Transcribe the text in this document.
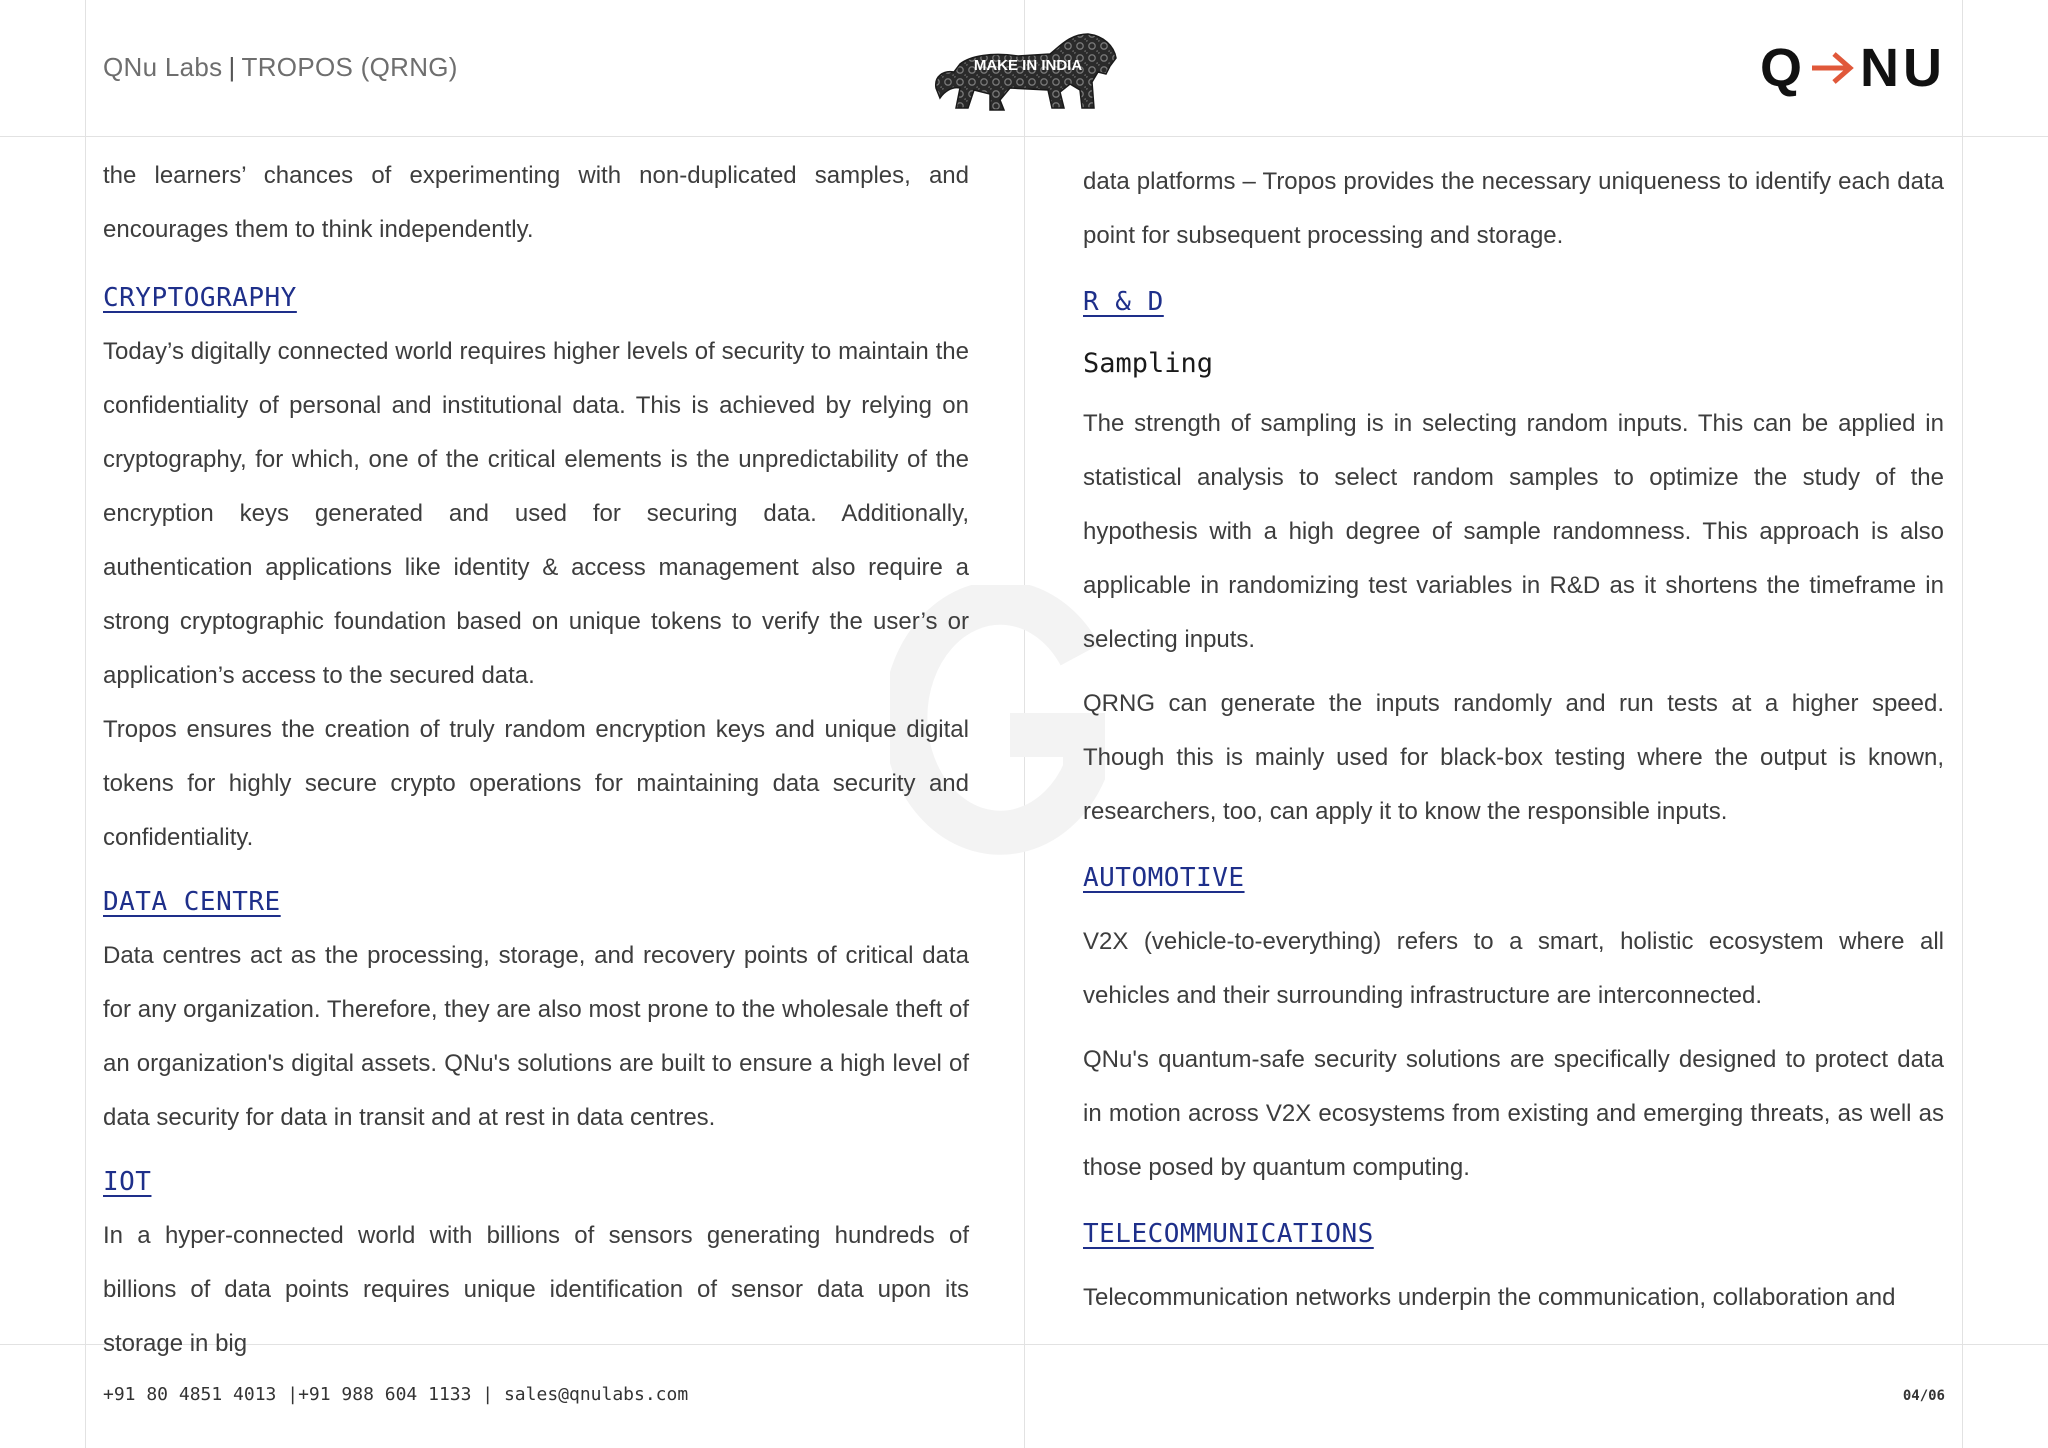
QNu Labs | TROPOS (QRNG)	MAKE IN INDIA	Q NU

the learners’ chances of experimenting with non-duplicated samples, and encourages them to think independently.

CRYPTOGRAPHY

Today’s digitally connected world requires higher levels of security to maintain the confidentiality of personal and institutional data. This is achieved by relying on cryptography, for which, one of the critical elements is the unpredictability of the encryption keys generated and used for securing data. Additionally, authentication applications like identity & access management also require a strong cryptographic foundation based on unique tokens to verify the user’s or application’s access to the secured data.

Tropos ensures the creation of truly random encryption keys and unique digital tokens for highly secure crypto operations for maintaining data security and confidentiality.

DATA CENTRE

Data centres act as the processing, storage, and recovery points of critical data for any organization. Therefore, they are also most prone to the wholesale theft of an organization's digital assets. QNu's solutions are built to ensure a high level of data security for data in transit and at rest in data centres.

IOT

In a hyper-connected world with billions of sensors generating hundreds of billions of data points requires unique identification of sensor data upon its storage in big

data platforms – Tropos provides the necessary uniqueness to identify each data point for subsequent processing and storage.

R & D
Sampling

The strength of sampling is in selecting random inputs. This can be applied in statistical analysis to select random samples to optimize the study of the hypothesis with a high degree of sample randomness. This approach is also applicable in randomizing test variables in R&D as it shortens the timeframe in selecting inputs.

QRNG can generate the inputs randomly and run tests at a higher speed. Though this is mainly used for black-box testing where the output is known, researchers, too, can apply it to know the responsible inputs.

AUTOMOTIVE

V2X (vehicle-to-everything) refers to a smart, holistic ecosystem where all vehicles and their surrounding infrastructure are interconnected.

QNu's quantum-safe security solutions are specifically designed to protect data in motion across V2X ecosystems from existing and emerging threats, as well as those posed by quantum computing.

TELECOMMUNICATIONS

Telecommunication networks underpin the communication, collaboration and

+91 80 4851 4013 |+91 988 604 1133 | sales@qnulabs.com	04/06
